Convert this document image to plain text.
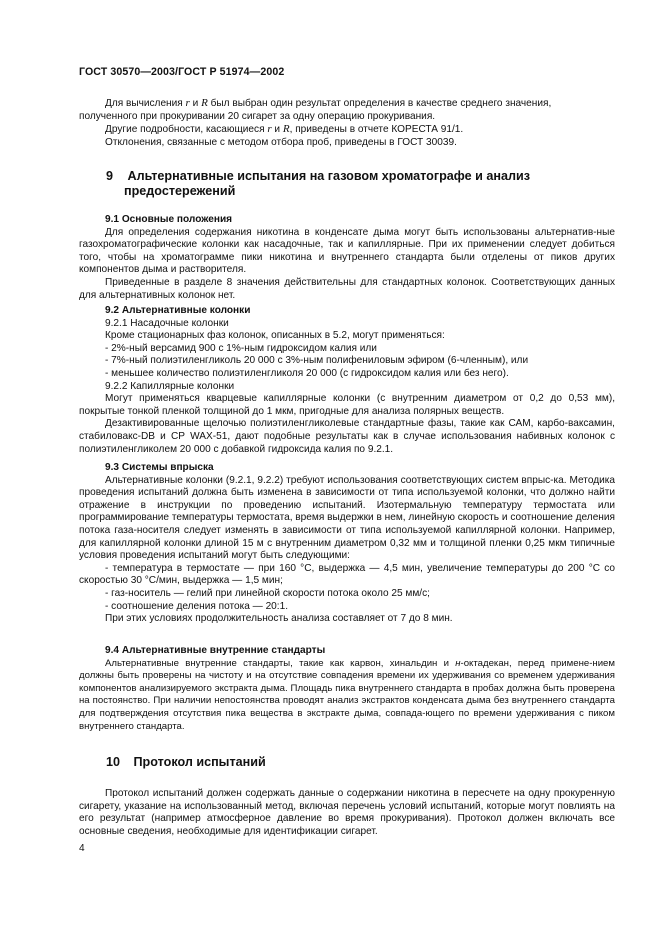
ГОСТ 30570—2003/ГОСТ Р 51974—2002

Для вычисления r и R был выбран один результат определения в качестве среднего значения,
полученного при прокуривании 20 сигарет за одну операцию прокуривания.

Другие подробности, касающиеся r и R, приведены в отчете КОРЕСТА 91/1.

Отклонения, связанные с методом отбора проб, приведены в ГОСТ 30039.

9 Альтернативные испытания на газовом хроматографе и анализ
предостережений

9.1 Основные положения

Для определения содержания никотина в конденсате дыма могут быть использованы альтернатив-ные газохроматографические колонки как насадочные, так и капиллярные. При их применении следует добиться того, чтобы на хроматограмме пики никотина и внутреннего стандарта были отделены от пиков других компонентов дыма и растворителя.

Приведенные в разделе 8 значения действительны для стандартных колонок. Соответствующих данных для альтернативных колонок нет.

9.2 Альтернативные колонки

9.2.1 Насадочные колонки

Кроме стационарных фаз колонок, описанных в 5.2, могут применяться:

- 2%-ный версамид 900 с 1%-ным гидроксидом калия или

- 7%-ный полиэтиленгликоль 20 000 с 3%-ным полифениловым эфиром (6-членным), или

- меньшее количество полиэтиленгликоля 20 000 (с гидроксидом калия или без него).

9.2.2 Капиллярные колонки

Могут применяться кварцевые капиллярные колонки (с внутренним диаметром от 0,2 до 0,53 мм), покрытые тонкой пленкой толщиной до 1 мкм, пригодные для анализа полярных веществ.

Дезактивированные щелочью полиэтиленгликолевые стандартные фазы, такие как САМ, карбо-ваксамин, стабиловакс-DB и СР WAX-51, дают подобные результаты как в случае использования набивных колонок с полиэтиленгликолем 20 000 с добавкой гидроксида калия по 9.2.1.

9.3 Системы впрыска

Альтернативные колонки (9.2.1, 9.2.2) требуют использования соответствующих систем впрыс-ка. Методика проведения испытаний должна быть изменена в зависимости от типа используемой колонки, что должно найти отражение в инструкции по проведению испытаний. Изотермальную температуру термостата или программирование температуры термостата, время выдержки в нем, линейную скорость и соотношение деления потока газа-носителя следует изменять в зависимости от типа используемой капиллярной колонки. Например, для капиллярной колонки длиной 15 м с внутренним диаметром 0,32 мм и толщиной пленки 0,25 мкм типичные условия проведения испытаний могут быть следующими:

- температура в термостате — при 160 °С, выдержка — 4,5 мин, увеличение температуры до 200 °С со скоростью 30 °С/мин, выдержка — 1,5 мин;

- газ-носитель — гелий при линейной скорости потока около 25 мм/с;

- соотношение деления потока — 20:1.

При этих условиях продолжительность анализа составляет от 7 до 8 мин.

9.4 Альтернативные внутренние стандарты

Альтернативные внутренние стандарты, такие как карвон, хинальдин и н-октадекан, перед примене-нием должны быть проверены на чистоту и на отсутствие совпадения времени их удерживания со временем удерживания компонентов анализируемого экстракта дыма. Площадь пика внутреннего стандарта в пробах должна быть проверена на постоянство. При наличии непостоянства проводят анализ экстрактов конденсата дыма без внутреннего стандарта для подтверждения отсутствия пика вещества в экстракте дыма, совпада-ющего по времени удерживания с пиком внутреннего стандарта.

10 Протокол испытаний

Протокол испытаний должен содержать данные о содержании никотина в пересчете на одну прокуренную сигарету, указание на использованный метод, включая перечень условий испытаний, которые могут повлиять на его результат (например атмосферное давление во время прокуривания). Протокол должен включать все основные сведения, необходимые для идентификации сигарет.

4
